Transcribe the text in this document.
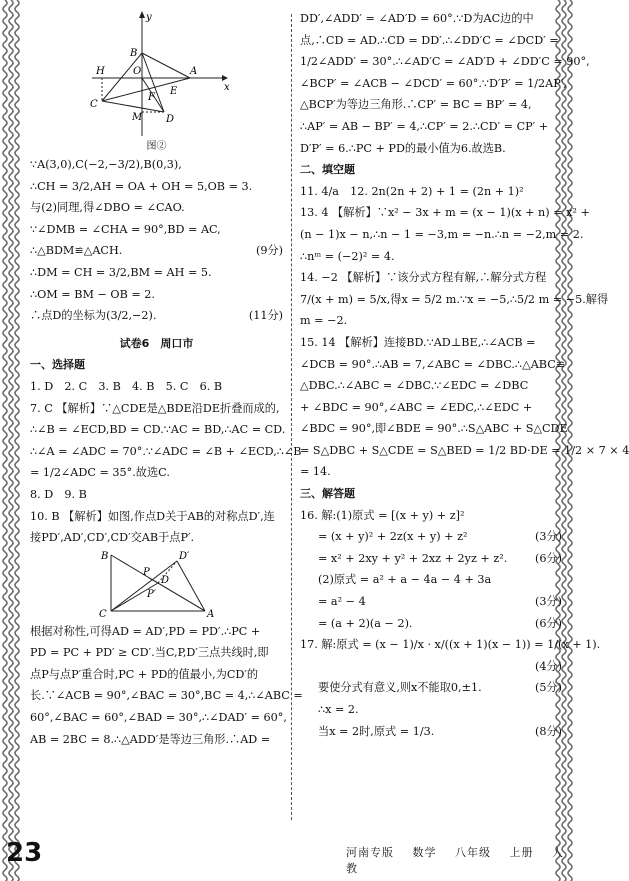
y
x
B
H	O	A
E
F
C
M D
图②
∵A(3,0),C(−2,−3/2),B(0,3),
∴CH = 3/2,AH = OA + OH = 5,OB = 3.
与(2)同理,得∠DBO = ∠CAO.
∵∠DMB = ∠CHA = 90°,BD = AC,
∴△BDM≌△ACH.	(9分)
∴DM = CH = 3/2,BM = AH = 5.
∴OM = BM − OB = 2.
∴点D的坐标为(3/2,−2).	(11分)
试卷6　周口市
一、选择题
1. D　2. C　3. B　4. B　5. C　6. B
7. C 【解析】∵△CDE是△BDE沿DE折叠而成的,
∴∠B = ∠ECD,BD = CD.∵AC = BD,∴AC = CD.
∴∠A = ∠ADC = 70°.∵∠ADC = ∠B + ∠ECD,∴∠B
= 1/2∠ADC = 35°.故选C.
8. D　9. B
10. B 【解析】如图,作点D关于AB的对称点D′,连
接PD′,AD′,CD′,CD′交AB于点P′.
B	D′
D
P
P′
C	A
根据对称性,可得AD = AD′,PD = PD′.∴PC +
PD = PC + PD′ ≥ CD′.当C,P,D′三点共线时,即
点P与点P′重合时,PC + PD的值最小,为CD′的
长.∵∠ACB = 90°,∠BAC = 30°,BC = 4,∴∠ABC =
60°,∠BAC = 60°,∠BAD = 30°,∴∠DAD′ = 60°,
AB = 2BC = 8.∴△ADD′是等边三角形.∴AD =
DD′,∠ADD′ = ∠AD′D = 60°.∵D为AC边的中
点,∴CD = AD.∴CD = DD′.∴∠DD′C = ∠DCD′ =
1/2∠ADD′ = 30°.∴∠AD′C = ∠AD′D + ∠DD′C = 90°,
∠BCP′ = ∠ACB − ∠DCD′ = 60°.∵D′P′ = 1/2AP′,
△BCP′为等边三角形.∴CP′ = BC = BP′ = 4,
∴AP′ = AB − BP′ = 4,∴CP′ = 2.∴CD′ = CP′ +
D′P′ = 6.∴PC + PD的最小值为6.故选B.
二、填空题
11. 4/a　12. 2n(2n + 2) + 1 = (2n + 1)²
13. 4 【解析】∵x² − 3x + m = (x − 1)(x + n) = x² +
(n − 1)x − n,∴n − 1 = −3,m = −n.∴n = −2,m = 2.
∴nᵐ = (−2)² = 4.
14. −2 【解析】∵该分式方程有解,∴解分式方程
7/(x + m) = 5/x,得x = 5/2 m.∵x = −5,∴5/2 m = −5.解得
m = −2.
15. 14 【解析】连接BD.∵AD⊥BE,∴∠ACB =
∠DCB = 90°.∴AB = 7,∠ABC = ∠DBC.∴△ABC≌
△DBC.∴∠ABC = ∠DBC.∵∠EDC = ∠DBC
+ ∠BDC = 90°,∠ABC = ∠EDC,∴∠EDC +
∠BDC = 90°,即∠BDE = 90°.∴S△ABC + S△CDE
= S△DBC + S△CDE = S△BED = 1/2 BD·DE = 1/2 × 7 × 4
= 14.
三、解答题
16. 解:(1)原式 = [(x + y) + z]²
= (x + y)² + 2z(x + y) + z²	(3分)
= x² + 2xy + y² + 2xz + 2yz + z². (6分)
(2)原式 = a² + a − 4a − 4 + 3a
= a² − 4	(3分)
= (a + 2)(a − 2).	(6分)
17. 解:原式 = (x − 1)/x · x/((x + 1)(x − 1)) = 1/(x + 1).
(4分)
要使分式有意义,则x不能取0,±1.	(5分)
∴x = 2.
当x = 2时,原式 = 1/3.	(8分)
23	河南专版 数学 八年级 上册 人教
